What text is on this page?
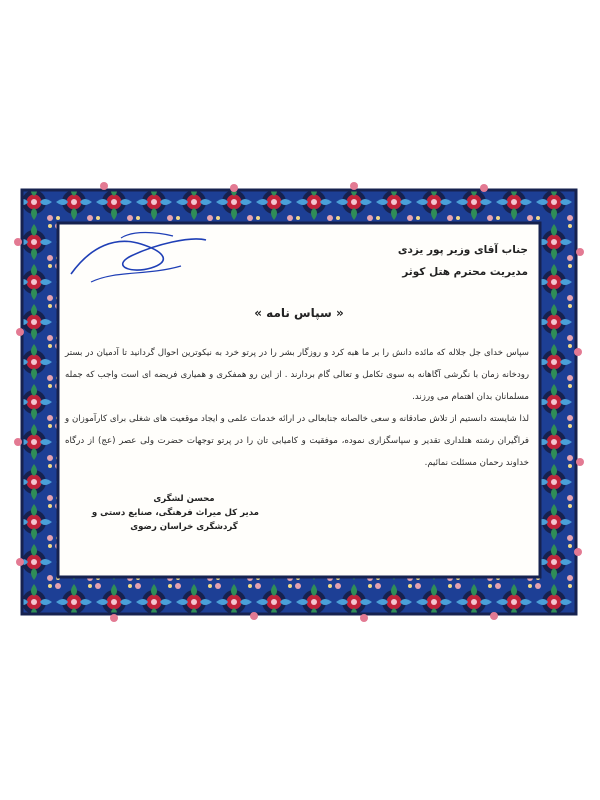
جناب آقای وزیر پور یزدی

مدیریت محترم هتل کوثر

« سپاس نامه »

سپاس خدای جل جلاله که مائده دانش را بر ما هبه کرد و روزگار بشر را در پرتو خرد به نیکوترین احوال گردانید تا آدمیان در بستر رودخانه زمان با نگرشی آگاهانه به سوی تکامل و تعالی گام بردارند . از این رو همفکری و همیاری فریضه ای است واجب که جمله مسلمانان بدان اهتمام می ورزند.

لذا شایسته دانستیم از تلاش صادقانه و سعی خالصانه جنابعالی در ارائه خدمات علمی و ایجاد موقعیت های شغلی برای کارآموزان و فراگیران رشته هتلداری تقدیر و سپاسگزاری نموده، موفقیت و کامیابی تان را در پرتو توجهات حضرت ولی عصر (عج) از درگاه خداوند رحمان مسئلت نمائیم.

محسن لشگری
مدیر کل میراث فرهنگی، صنایع دستی و
گردشگری خراسان رضوی
